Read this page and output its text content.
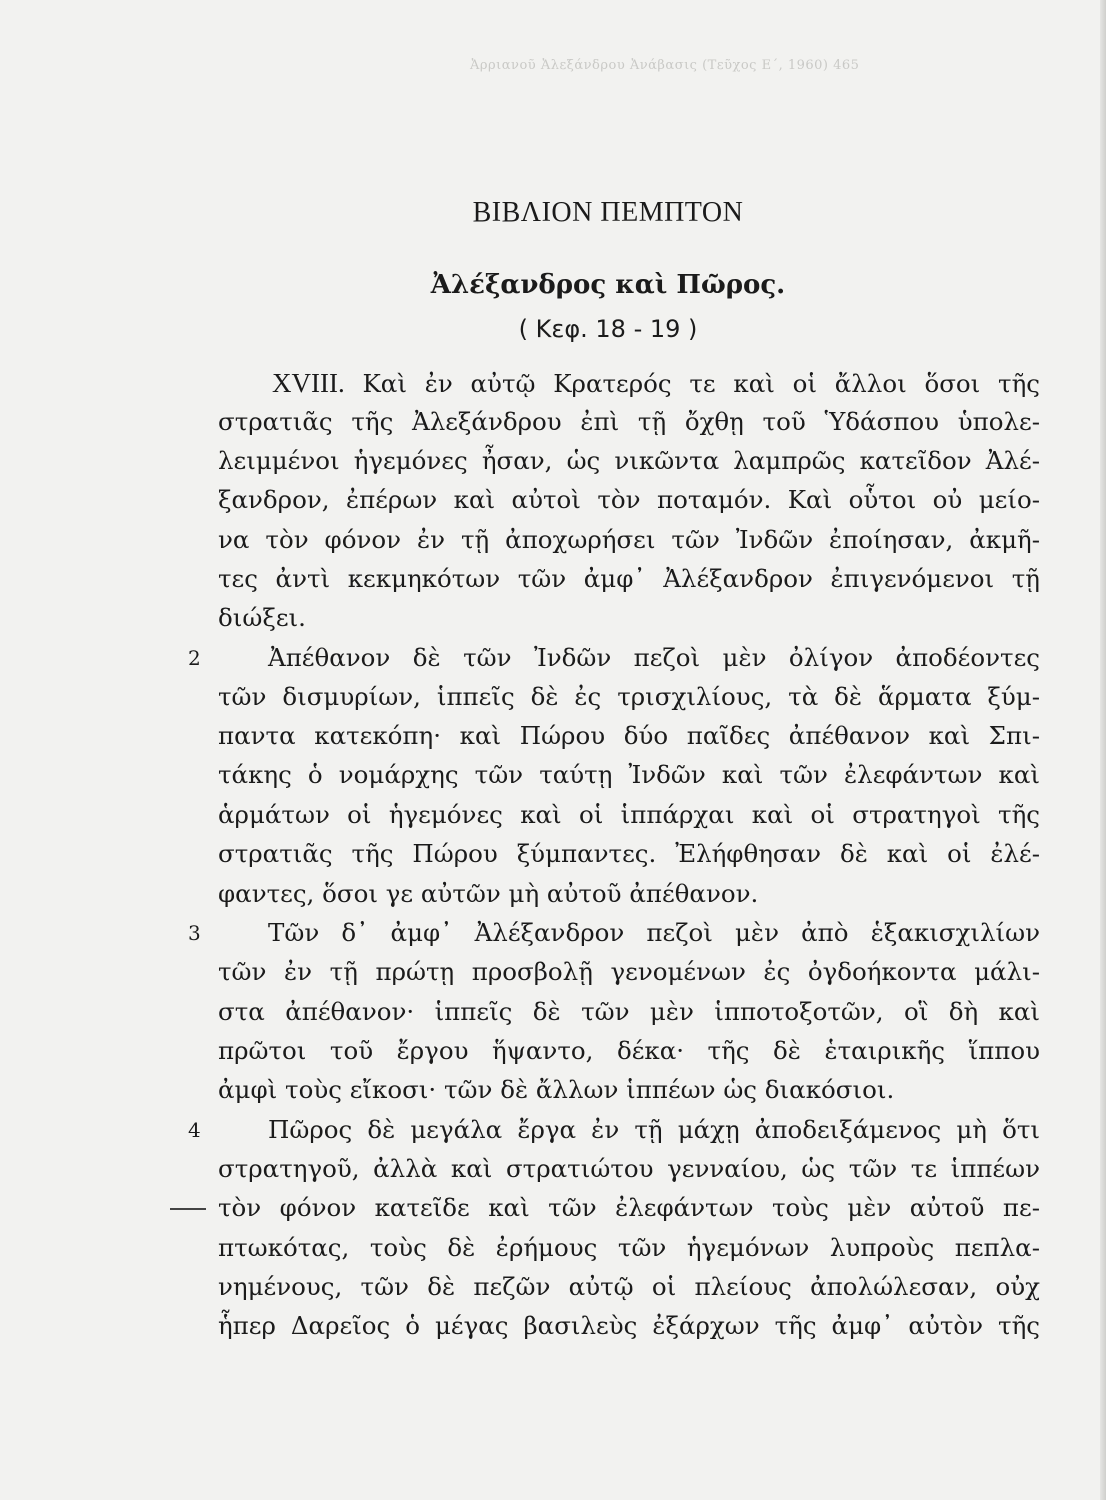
Ἀρριανοῦ Ἀλεξάνδρου Ἀνάβασις (Τεῦχος Ε΄, 1960) 465
ΒΙΒΛΙΟΝ ΠΕΜΠΤΟΝ
Ἀλέξανδρος καὶ Πῶρος.
( Κεφ. 18 - 19 )
XVIII. Καὶ ἐν αὐτῷ Κρατερός τε καὶ οἱ ἄλλοι ὅσοι τῆς
στρατιᾶς τῆς Ἀλεξάνδρου ἐπὶ τῇ ὄχθῃ τοῦ Ὑδάσπου ὑπολε-
λειμμένοι ἡγεμόνες ἦσαν, ὡς νικῶντα λαμπρῶς κατεῖδον Ἀλέ-
ξανδρον, ἐπέρων καὶ αὐτοὶ τὸν ποταμόν. Καὶ οὗτοι οὐ μείο-
να τὸν φόνον ἐν τῇ ἀποχωρήσει τῶν Ἰνδῶν ἐποίησαν, ἀκμῆ-
τες ἀντὶ κεκμηκότων τῶν ἀμφ᾽ Ἀλέξανδρον ἐπιγενόμενοι τῇ
διώξει.
2	Ἀπέθανον δὲ τῶν Ἰνδῶν πεζοὶ μὲν ὀλίγον ἀποδέοντες
τῶν δισμυρίων, ἱππεῖς δὲ ἐς τρισχιλίους, τὰ δὲ ἅρματα ξύμ-
παντα κατεκόπη· καὶ Πώρου δύο παῖδες ἀπέθανον καὶ Σπι-
τάκης ὁ νομάρχης τῶν ταύτῃ Ἰνδῶν καὶ τῶν ἐλεφάντων καὶ
ἁρμάτων οἱ ἡγεμόνες καὶ οἱ ἱππάρχαι καὶ οἱ στρατηγοὶ τῆς
στρατιᾶς τῆς Πώρου ξύμπαντες. Ἐλήφθησαν δὲ καὶ οἱ ἐλέ-
φαντες, ὅσοι γε αὐτῶν μὴ αὐτοῦ ἀπέθανον.
3	Τῶν δ᾽ ἀμφ᾽ Ἀλέξανδρον πεζοὶ μὲν ἀπὸ ἑξακισχιλίων
τῶν ἐν τῇ πρώτῃ προσβολῇ γενομένων ἐς ὀγδοήκοντα μάλι-
στα ἀπέθανον· ἱππεῖς δὲ τῶν μὲν ἱπποτοξοτῶν, οἳ δὴ καὶ
πρῶτοι τοῦ ἔργου ἥψαντο, δέκα· τῆς δὲ ἑταιρικῆς ἵππου
ἀμφὶ τοὺς εἴκοσι· τῶν δὲ ἄλλων ἱππέων ὡς διακόσιοι.
4	Πῶρος δὲ μεγάλα ἔργα ἐν τῇ μάχῃ ἀποδειξάμενος μὴ ὅτι
στρατηγοῦ, ἀλλὰ καὶ στρατιώτου γενναίου, ὡς τῶν τε ἱππέων
τὸν φόνον κατεῖδε καὶ τῶν ἐλεφάντων τοὺς μὲν αὐτοῦ πε-
πτωκότας, τοὺς δὲ ἐρήμους τῶν ἡγεμόνων λυπροὺς πεπλα-
νημένους, τῶν δὲ πεζῶν αὐτῷ οἱ πλείους ἀπολώλεσαν, οὐχ
ἧπερ Δαρεῖος ὁ μέγας βασιλεὺς ἐξάρχων τῆς ἀμφ᾽ αὐτὸν τῆς
